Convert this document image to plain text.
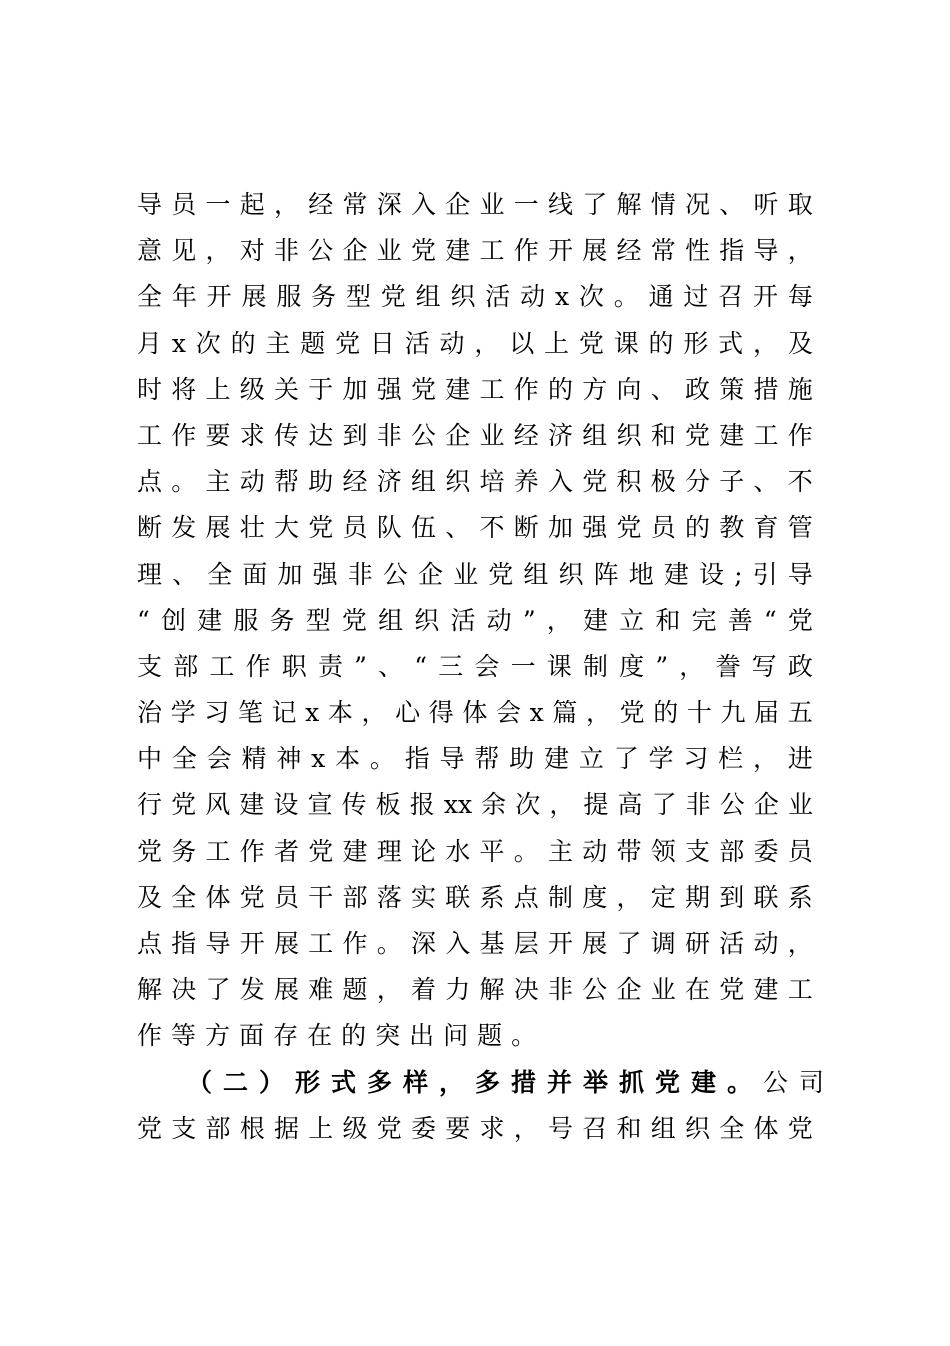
导 员 一 起 ， 经 常 深 入 企 业 一 线 了 解 情 况 、 听 取
意 见 ， 对 非 公 企 业 党 建 工 作 开 展 经 常 性 指 导 ，
全 年 开 展 服 务 型 党 组 织 活 动 x 次 。 通 过 召 开 每
月 x 次 的 主 题 党 日 活 动 ， 以 上 党 课 的 形 式 ， 及
时 将 上 级 关 于 加 强 党 建 工 作 的 方 向 、 政 策 措 施
工 作 要 求 传 达 到 非 公 企 业 经 济 组 织 和 党 建 工 作
点 。 主 动 帮 助 经 济 组 织 培 养 入 党 积 极 分 子 、 不
断 发 展 壮 大 党 员 队 伍 、 不 断 加 强 党 员 的 教 育 管
理 、 全 面 加 强 非 公 企 业 党 组 织 阵 地 建 设 ; 引 导
“ 创 建 服 务 型 党 组 织 活 动 ” ， 建 立 和 完 善 “ 党
支 部 工 作 职 责 ” 、 “ 三 会 一 课 制 度 ” ， 誊 写 政
治 学 习 笔 记 x 本 ， 心 得 体 会 x 篇 ， 党 的 十 九 届 五
中 全 会 精 神 x 本 。 指 导 帮 助 建 立 了 学 习 栏 ， 进
行 党 风 建 设 宣 传 板 报 xx 余 次 ， 提 高 了 非 公 企 业
党 务 工 作 者 党 建 理 论 水 平 。 主 动 带 领 支 部 委 员
及 全 体 党 员 干 部 落 实 联 系 点 制 度 ， 定 期 到 联 系
点 指 导 开 展 工 作 。 深 入 基 层 开 展 了 调 研 活 动 ，
解 决 了 发 展 难 题 ， 着 力 解 决 非 公 企 业 在 党 建 工
作 等 方 面 存 在 的 突 出 问 题 。
（二）形式多样，多措并举抓党建。 公司
党 支 部 根 据 上 级 党 委 要 求 ， 号 召 和 组 织 全 体 党
